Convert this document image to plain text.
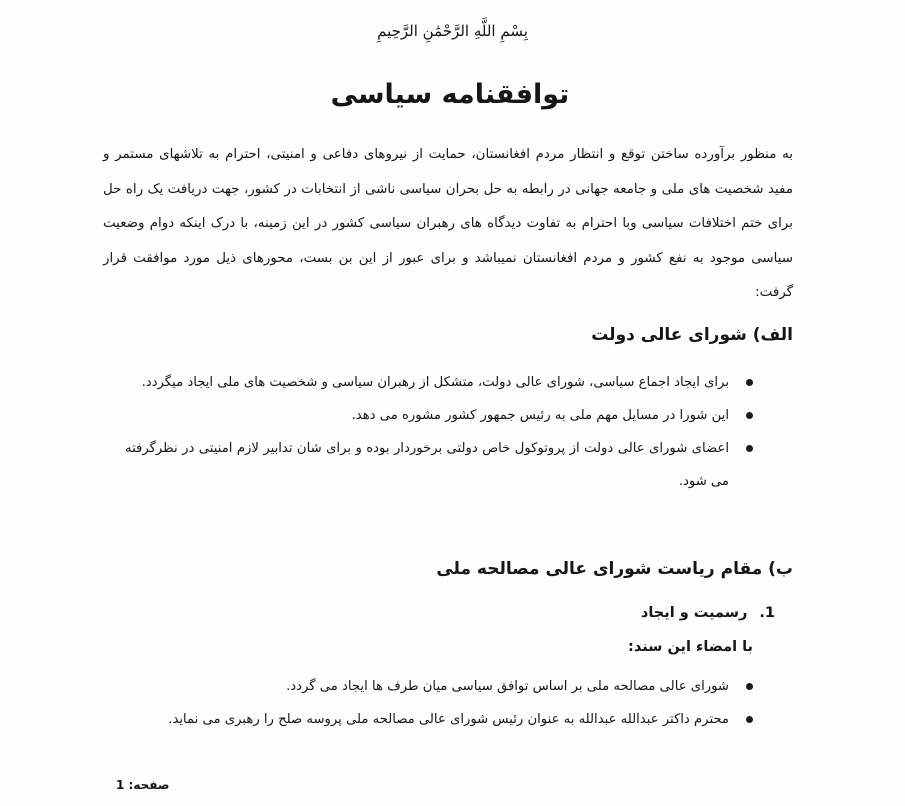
بِسْمِ اللَّهِ الرَّحْمَٰنِ الرَّحِيمِ
توافقنامه سیاسی

به منظور برآورده ساختن توقع و انتظار مردم افغانستان، حمایت از نیروهای دفاعی و امنیتی، احترام به تلاشهای مستمر و مفید شخصیت های ملی و جامعه جهانی در رابطه به حل بحران سیاسی ناشی از انتخابات در کشور، جهت دریافت یک راه حل برای ختم اختلافات سیاسی وبا احترام به تفاوت دیدگاه های رهبران سیاسی کشور در این زمینه، با درک اینکه دوام وضعیت سیاسی موجود به نفع کشور و مردم افغانستان نمیباشد و برای عبور از این بن بست، محورهای ذیل مورد موافقت قرار گرفت:

الف) شورای عالی دولت
برای ایجاد اجماع سیاسی، شورای عالی دولت، متشکل از رهبران سیاسی و شخصیت های ملی ایجاد میگردد.
این شورا در مسایل مهم ملی به رئیس جمهور کشور مشوره می دهد.
اعضای شورای عالی دولت از پروتوکول خاص دولتی برخوردار بوده و برای شان تدابیر لازم امنیتی در نظرگرفته می شود.
ب) مقام ریاست شورای عالی مصالحه ملی
1.رسمیت و ایجاد
با امضاء این سند:
شورای عالی مصالحه ملی بر اساس توافق سیاسی میان طرف ها ایجاد می گردد.
محترم داکتر عبدالله عبدالله به عنوان رئیس شورای عالی مصالحه ملی پروسه صلح را رهبری می نماید.
صفحه: 1
